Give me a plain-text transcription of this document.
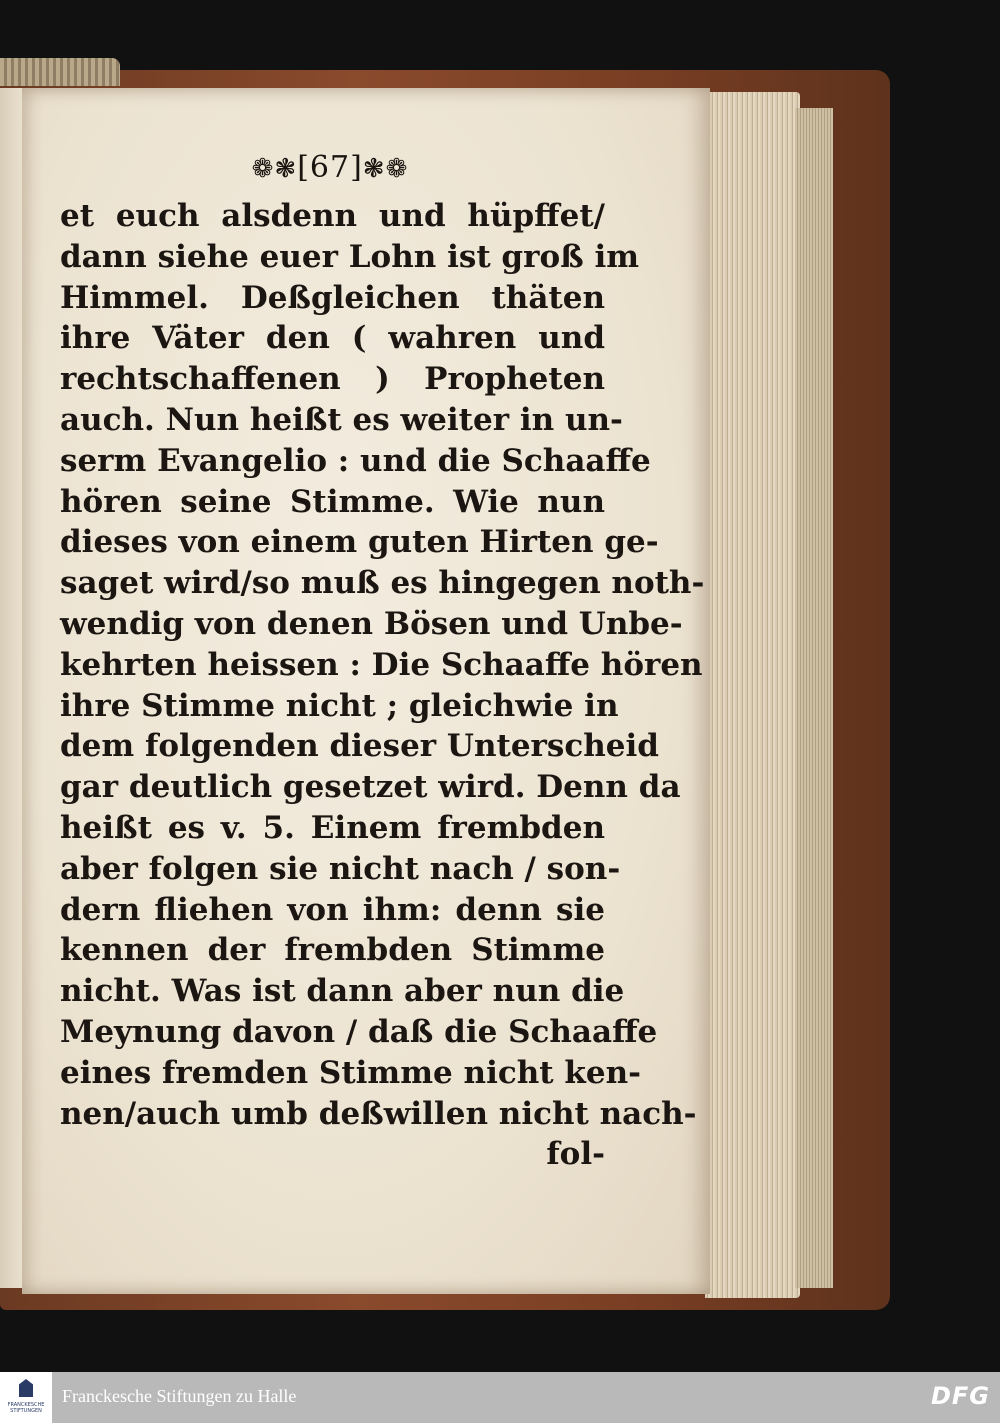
❁❃[67]❃❁
et euch alsdenn und hüpffet/
dann siehe euer Lohn ist groß im
Himmel. Deßgleichen thäten
ihre Väter den ( wahren und
rechtschaffenen ) Propheten
auch. Nun heißt es weiter in un-
serm Evangelio : und die Schaaffe
hören seine Stimme. Wie nun
dieses von einem guten Hirten ge-
saget wird/so muß es hingegen noth-
wendig von denen Bösen und Unbe-
kehrten heissen : Die Schaaffe hören
ihre Stimme nicht ; gleichwie in
dem folgenden dieser Unterscheid
gar deutlich gesetzet wird. Denn da
heißt es v. 5. Einem frembden
aber folgen sie nicht nach / son-
dern fliehen von ihm: denn sie
kennen der frembden Stimme
nicht. Was ist dann aber nun die
Meynung davon / daß die Schaaffe
eines fremden Stimme nicht ken-
nen/auch umb deßwillen nicht nach-
fol-
FRANCKESCHE STIFTUNGEN
Franckesche Stiftungen zu Halle	DFG
